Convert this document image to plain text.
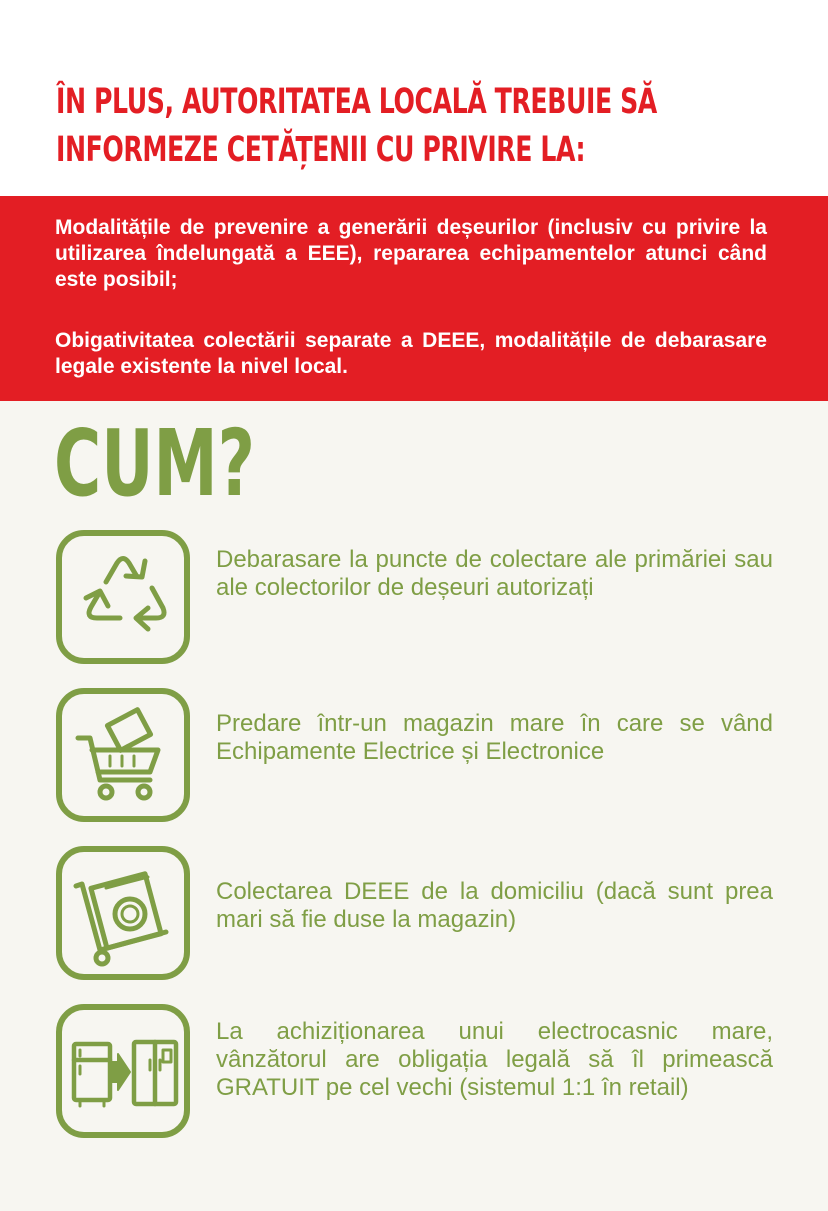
ÎN PLUS, AUTORITATEA LOCALĂ TREBUIE SĂ
INFORMEZE CETĂȚENII CU PRIVIRE LA:

Modalitățile de prevenire a generării deșeurilor (inclusiv cu privire la utilizarea îndelungată a EEE), repararea echipamentelor atunci când este posibil;

Obigativitatea colectării separate a DEEE, modalitățile de debarasare legale existente la nivel local.

CUM?

Debarasare la puncte de colectare ale primăriei sau ale colectorilor de deșeuri autorizați

Predare într-un magazin mare în care se vând Echipamente Electrice și Electronice

Colectarea DEEE de la domiciliu (dacă sunt prea mari să fie duse la magazin)

La achiziționarea unui electrocasnic mare, vânzătorul are obligația legală să îl primească GRATUIT pe cel vechi (sistemul 1:1 în retail)
